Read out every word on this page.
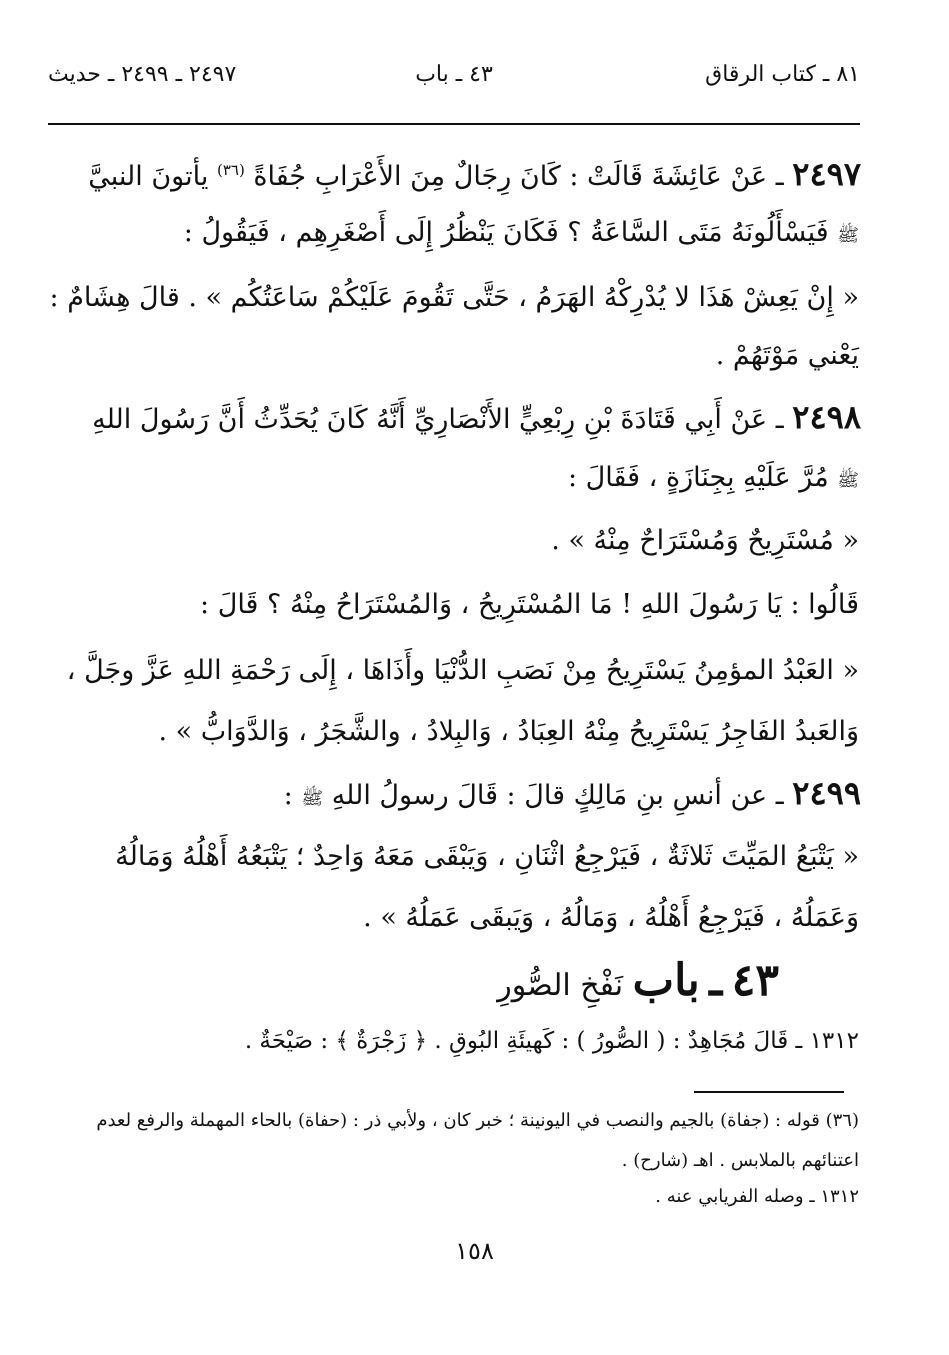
٨١ ـ كتاب الرقاق
٤٣ ـ باب
٢٤٩٧ ـ ٢٤٩٩ ـ حديث
٢٤٩٧ ـ عَنْ عَائِشَةَ قَالَتْ : كَانَ رِجَالٌ مِنَ الأَعْرَابِ جُفَاةً $^{(٣٦)}$ يأتونَ النبيَّ
ﷺ فَيَسْأَلُونَهُ مَتَى السَّاعَةُ ؟ فَكَانَ يَنْظُرُ إِلَى أَصْغَرِهِم ، فَيَقُولُ :
« إِنْ يَعِشْ هَذَا لا يُدْرِكْهُ الهَرَمُ ، حَتَّى تَقُومَ عَلَيْكُمْ سَاعَتُكُم » . قالَ هِشَامٌ :
يَعْني مَوْتَهُمْ .
٢٤٩٨ ـ عَنْ أَبِي قَتَادَةَ بْنِ رِبْعِيٍّ الأَنْصَارِيِّ أَنَّهُ كَانَ يُحَدِّثُ أَنَّ رَسُولَ اللهِ
ﷺ مُرَّ عَلَيْهِ بِجِنَازَةٍ ، فَقَالَ :
« مُسْتَرِيحٌ وَمُسْتَرَاحٌ مِنْهُ » .
قَالُوا : يَا رَسُولَ اللهِ ! مَا المُسْتَرِيحُ ، وَالمُسْتَرَاحُ مِنْهُ ؟ قَالَ :
« العَبْدُ المؤمِنُ يَسْتَرِيحُ مِنْ نَصَبِ الدُّنْيَا وأَذَاهَا ، إِلَى رَحْمَةِ اللهِ عَزَّ وجَلَّ ،
وَالعَبدُ الفَاجِرُ يَسْتَرِيحُ مِنْهُ العِبَادُ ، وَالبِلادُ ، والشَّجَرُ ، وَالدَّوَابُّ » .
٢٤٩٩ ـ عن أنسِ بنِ مَالِكٍ قالَ : قَالَ رسولُ اللهِ ﷺ :
« يَتْبَعُ المَيِّتَ ثَلاثَةٌ ، فَيَرْجِعُ اثْنَانِ ، وَيَبْقَى مَعَهُ وَاحِدٌ ؛ يَتْبَعُهُ أَهْلُهُ وَمَالُهُ
وَعَمَلُهُ ، فَيَرْجِعُ أَهْلُهُ ، وَمَالُهُ ، وَيَبقَى عَمَلُهُ » .
٤٣ ـ باب نَفْخِ الصُّورِ
١٣١٢ ـ قَالَ مُجَاهِدٌ : ( الصُّورُ ) : كَهيئَةِ البُوقِ . ﴿ زَجْرَةٌ ﴾ : صَيْحَةٌ .
(٣٦) قوله : (جفاة) بالجيم والنصب في اليونينة ؛ خبر كان ، ولأبي ذر : (حفاة) بالحاء المهملة والرفع لعدم
اعتنائهم بالملابس . اهـ (شارح) .
١٣١٢ ـ وصله الفريابي عنه .
١٥٨
